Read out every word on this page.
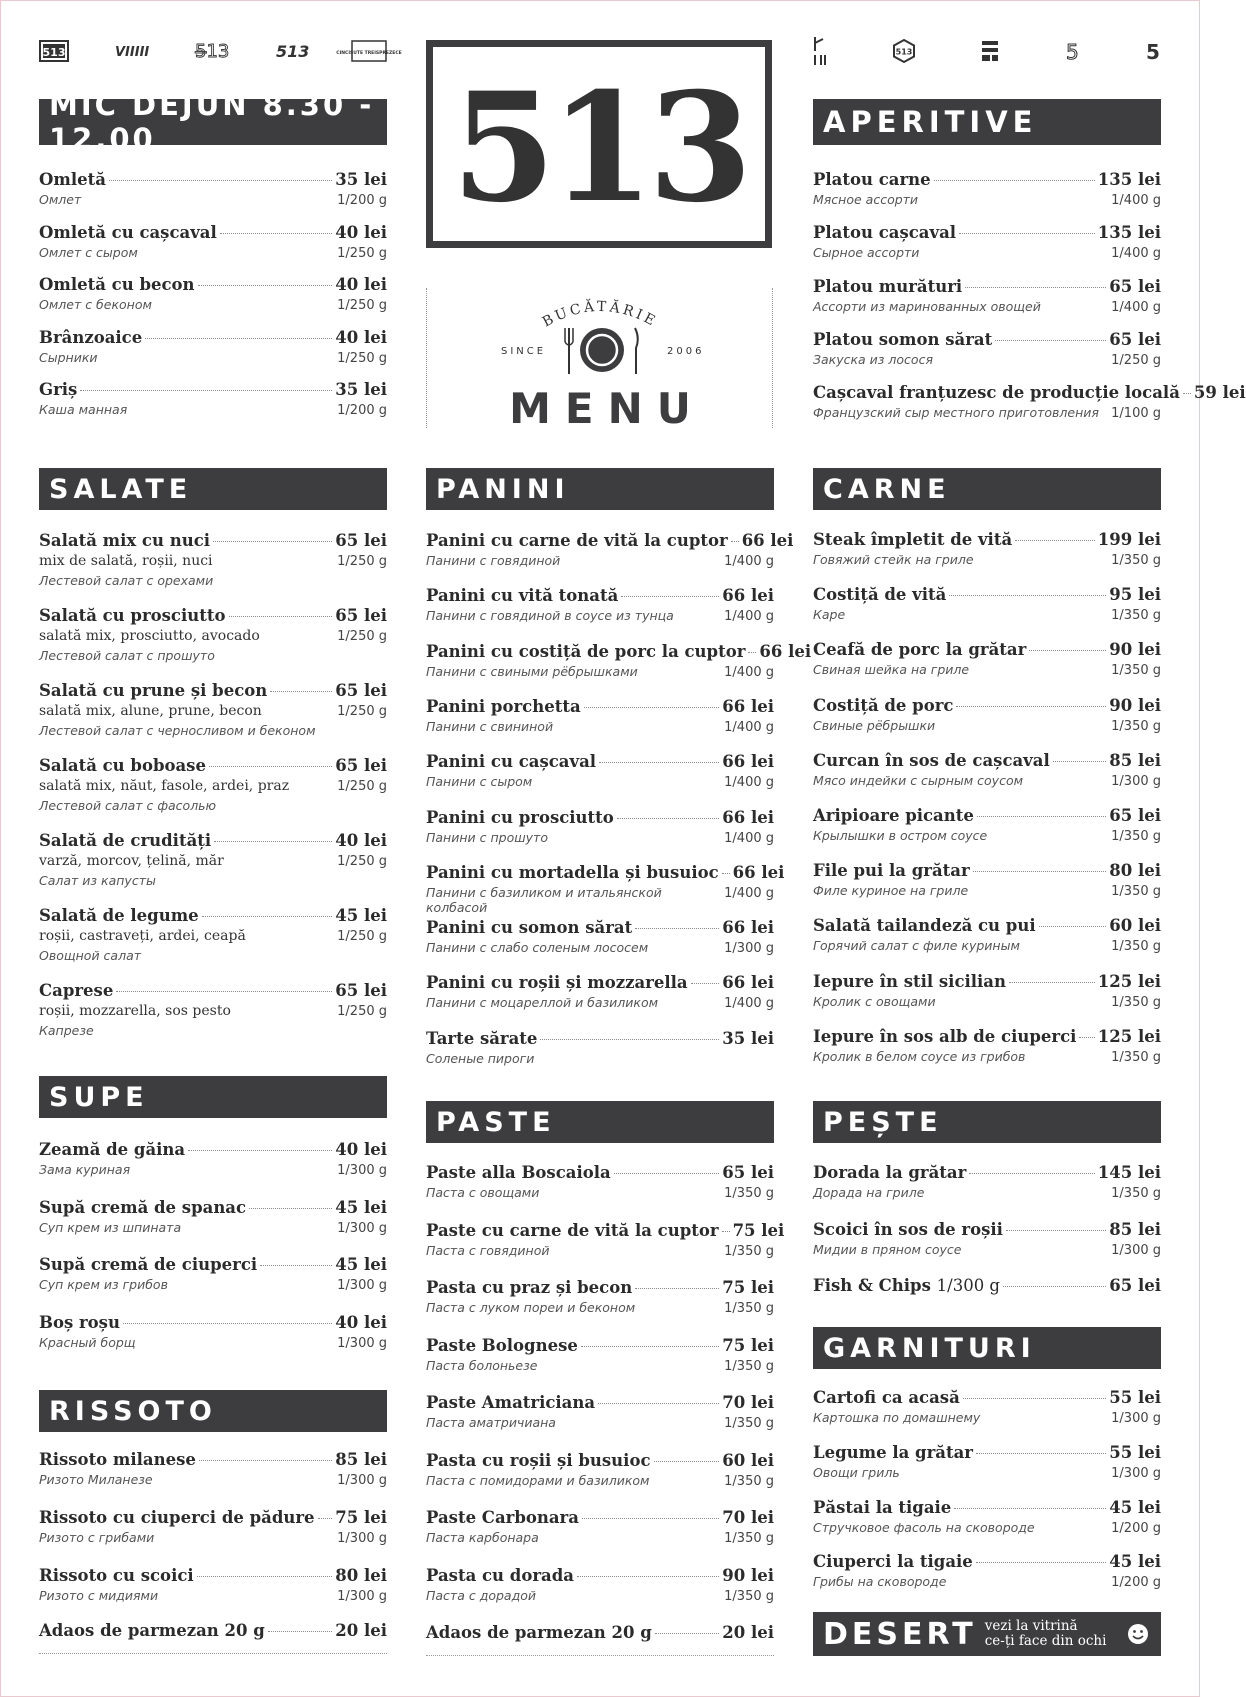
513	VIIIII	5̶13	513	CINCISUTE TREISPREZECE
MIC DEJUN 8.30 - 12.00
Omletă	35 lei
Омлет	1/200 g
Omletă cu cașcaval	40 lei
Омлет с сыром	1/250 g
Omletă cu becon	40 lei
Омлет с беконом	1/250 g
Brânzoaice	40 lei
Сырники	1/250 g
Griș	35 lei
Каша манная	1/200 g
SALATE
Salată mix cu nuci	65 lei
mix de salată, roșii, nuci	1/250 g
Лестевой салат с орехами
Salată cu prosciutto	65 lei
salată mix, prosciutto, avocado	1/250 g
Лестевой салат с прошуто
Salată cu prune și becon	65 lei
salată mix, alune, prune, becon	1/250 g
Лестевой салат с черносливом и беконом
Salată cu boboase	65 lei
salată mix, năut, fasole, ardei, praz	1/250 g
Лестевой салат с фасолью
Salată de crudități	40 lei
varză, morcov, țelină, măr	1/250 g
Салат из капусты
Salată de legume	45 lei
roșii, castraveți, ardei, ceapă	1/250 g
Овощной салат
Caprese	65 lei
roșii, mozzarella, sos pesto	1/250 g
Капрезе
SUPE
Zeamă de găina	40 lei
Зама куриная	1/300 g
Supă cremă de spanac	45 lei
Суп крем из шпината	1/300 g
Supă cremă de ciuperci	45 lei
Суп крем из грибов	1/300 g
Boș roșu	40 lei
Красный борщ	1/300 g
RISSOTO
Rissoto milanese	85 lei
Ризото Миланезе	1/300 g
Rissoto cu ciuperci de pădure 75 lei
Ризото с грибами	1/300 g
Rissoto cu scoici	80 lei
Ризото с мидиями	1/300 g
Adaos de parmezan 20 g	20 lei
513
BUCĂTĂRIE
SINCE	2006
MENU
PANINI
Panini cu carne de vită la cuptor 66 lei
Панини с говядиной	1/400 g
Panini cu vită tonată	66 lei
Панини с говядиной в соусе из тунца	1/400 g
Panini cu costiță de porc la cuptor 66 lei
Панини с свиными рёбрышками	1/400 g
Panini porchetta	66 lei
Панини с свининой	1/400 g
Panini cu cașcaval	66 lei
Панини с сыром	1/400 g
Panini cu prosciutto	66 lei
Панини с прошуто	1/400 g
Panini cu mortadella și busuioc 66 lei
Панини с базиликом и итальянской колбасой
1/400 g
Panini cu somon sărat	66 lei
Панини с слабо соленым лососем	1/300 g
Panini cu roșii și mozzarella 66 lei
Панини с моцареллой и базиликом	1/400 g
Tarte sărate	35 lei
Соленые пироги
PASTE
Paste alla Boscaiola	65 lei
Паста с овощами	1/350 g
Paste cu carne de vită la cuptor 75 lei
Паста с говядиной	1/350 g
Pasta cu praz și becon	75 lei
Паста с луком пореи и беконом	1/350 g
Paste Bolognese	75 lei
Паста болоньезе	1/350 g
Paste Amatriciana	70 lei
Паста аматричиана	1/350 g
Pasta cu roșii și busuioc	60 lei
Паста с помидорами и базиликом	1/350 g
Paste Carbonara	70 lei
Паста карбонара	1/350 g
Pasta cu dorada	90 lei
Паста с дорадой	1/350 g
Adaos de parmezan 20 g	20 lei
513	5	5
APERITIVE
Platou carne	135 lei
Мясное ассорти	1/400 g
Platou cașcaval	135 lei
Сырное ассорти	1/400 g
Platou murături	65 lei
Ассорти из маринованных овощей	1/400 g
Platou somon sărat	65 lei
Закуска из лосося	1/250 g
Cașcaval franțuzesc de producție locală 59 lei
Французский сыр местного приготовления 1/100 g
CARNE
Steak împletit de vită	199 lei
Говяжий стейк на гриле	1/350 g
Costiță de vită	95 lei
Каре	1/350 g
Ceafă de porc la grătar	90 lei
Свиная шейка на гриле	1/350 g
Costiță de porc	90 lei
Свиные рёбрышки	1/350 g
Curcan în sos de cașcaval	85 lei
Мясо индейки с сырным соусом	1/300 g
Aripioare picante	65 lei
Крылышки в остром соусе	1/350 g
File pui la grătar	80 lei
Филе куриное на гриле	1/350 g
Salată tailandeză cu pui	60 lei
Горячий салат с филе куриным	1/350 g
Iepure în stil sicilian	125 lei
Кролик с овощами	1/350 g
Iepure în sos alb de ciuperci 125 lei
Кролик в белом соусе из грибов	1/350 g
PEȘTE
Dorada la grătar	145 lei
Дорада на гриле	1/350 g
Scoici în sos de roșii	85 lei
Мидии в пряном соусе	1/300 g
Fish & Chips 1/300 g	65 lei
GARNITURI
Cartofi ca acasă	55 lei
Картошка по домашнему	1/300 g
Legume la grătar	55 lei
Овощи гриль	1/300 g
Păstai la tigaie	45 lei
Стручковое фасоль на сковороде	1/200 g
Ciuperci la tigaie	45 lei
Грибы на сковороде	1/200 g
DESERT vezi la vitrină
ce-ți face din ochi
